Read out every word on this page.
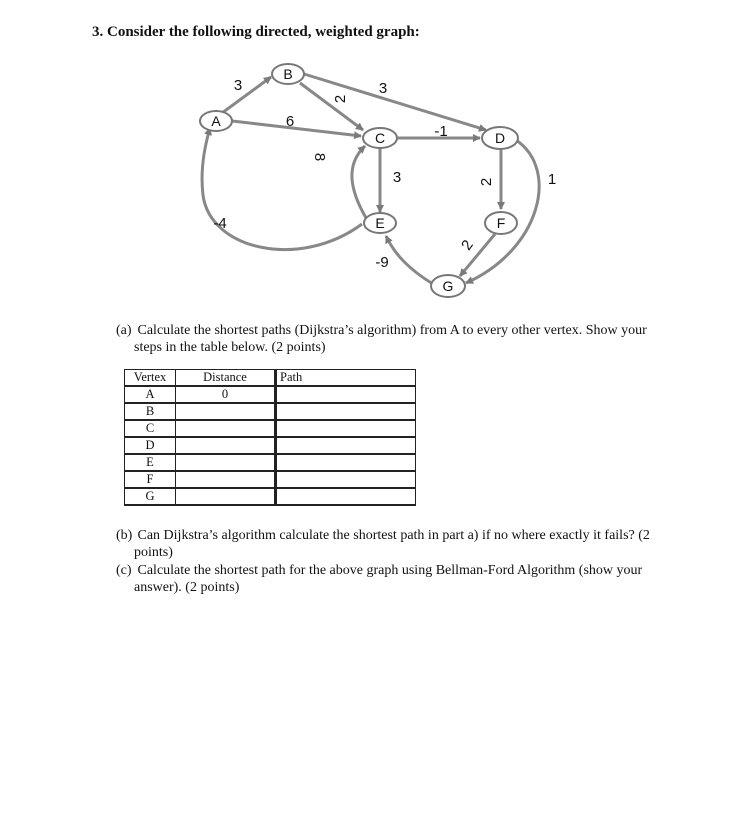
3. Consider the following directed, weighted graph:
A
B
C	D
E	F
G
3
6
2
3
-1
3
8
-4
-9
2
2
1
(a) Calculate the shortest paths (Dijkstra’s algorithm) from A to every other vertex. Show your
steps in the table below. (2 points)
Vertex	Distance	Path
A	0	
B		
C		
D		
E		
F		
G		
(b) Can Dijkstra’s algorithm calculate the shortest path in part a) if no where exactly it fails? (2
points)
(c) Calculate the shortest path for the above graph using Bellman-Ford Algorithm (show your
answer). (2 points)
